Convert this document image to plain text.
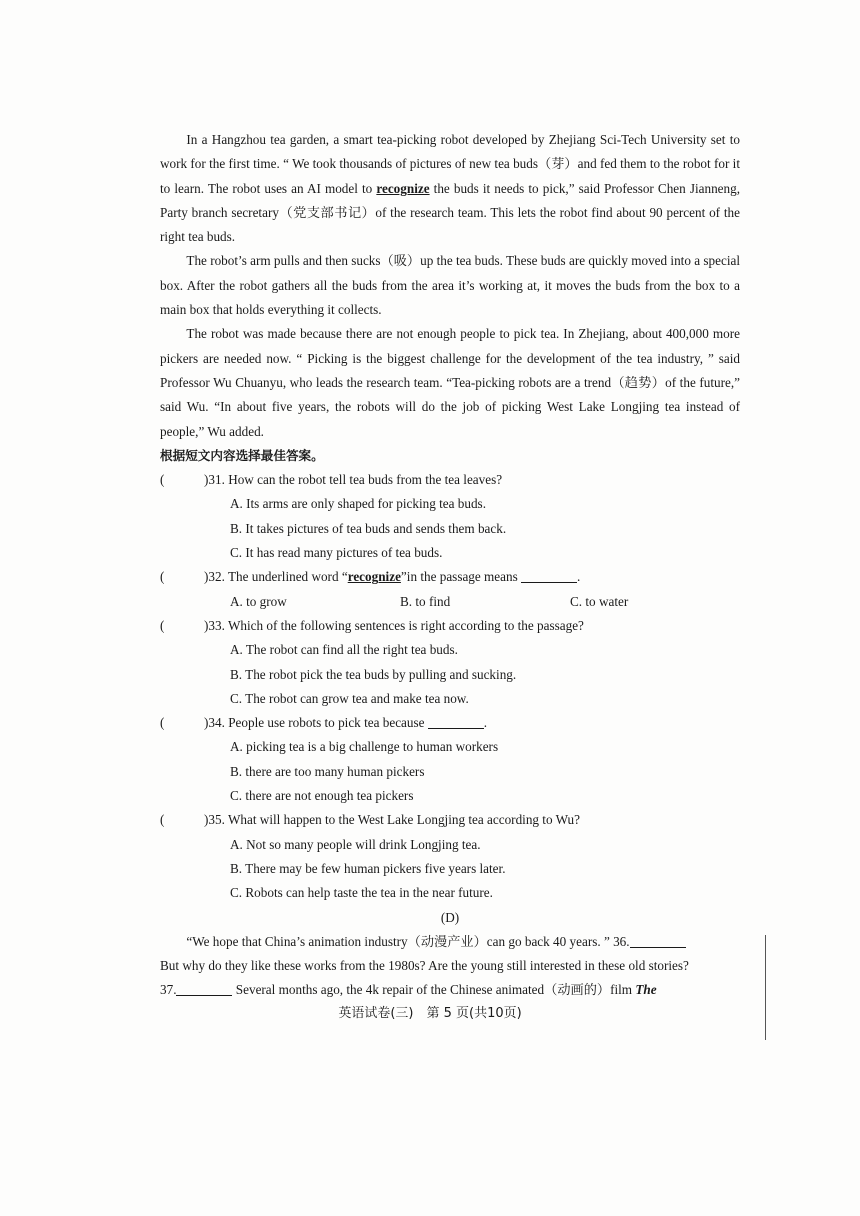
In a Hangzhou tea garden, a smart tea-picking robot developed by Zhejiang Sci-Tech University set to work for the first time. “ We took thousands of pictures of new tea buds（芽）and fed them to the robot for it to learn. The robot uses an AI model to recognize the buds it needs to pick,” said Professor Chen Jianneng, Party branch secretary（党支部书记）of the research team. This lets the robot find about 90 percent of the right tea buds.

The robot’s arm pulls and then sucks（吸）up the tea buds. These buds are quickly moved into a special box. After the robot gathers all the buds from the area it’s working at, it moves the buds from the box to a main box that holds everything it collects.

The robot was made because there are not enough people to pick tea. In Zhejiang, about 400,000 more pickers are needed now. “ Picking is the biggest challenge for the development of the tea industry, ” said Professor Wu Chuanyu, who leads the research team. “Tea-picking robots are a trend（趋势）of the future,” said Wu. “In about five years, the robots will do the job of picking West Lake Longjing tea instead of people,” Wu added.

根据短文内容选择最佳答案。

(	)31. How can the robot tell tea buds from the tea leaves?
A. Its arms are only shaped for picking tea buds.
B. It takes pictures of tea buds and sends them back.
C. It has read many pictures of tea buds.
(	)32. The underlined word “recognize”in the passage means	.
A. to grow	B. to find	C. to water
(	)33. Which of the following sentences is right according to the passage?
A. The robot can find all the right tea buds.
B. The robot pick the tea buds by pulling and sucking.
C. The robot can grow tea and make tea now.
(	)34. People use robots to pick tea because	.
A. picking tea is a big challenge to human workers
B. there are too many human pickers
C. there are not enough tea pickers
(	)35. What will happen to the West Lake Longjing tea according to Wu?
A. Not so many people will drink Longjing tea.
B. There may be few human pickers five years later.
C. Robots can help taste the tea in the near future.

(D)

“We hope that China’s animation industry（动漫产业）can go back 40 years. ” 36.

But why do they like these works from the 1980s? Are the young still interested in these old stories?

37.	Several months ago, the 4k repair of the Chinese animated（动画的）film The

英语试卷(三)　第 5 页(共10页)
